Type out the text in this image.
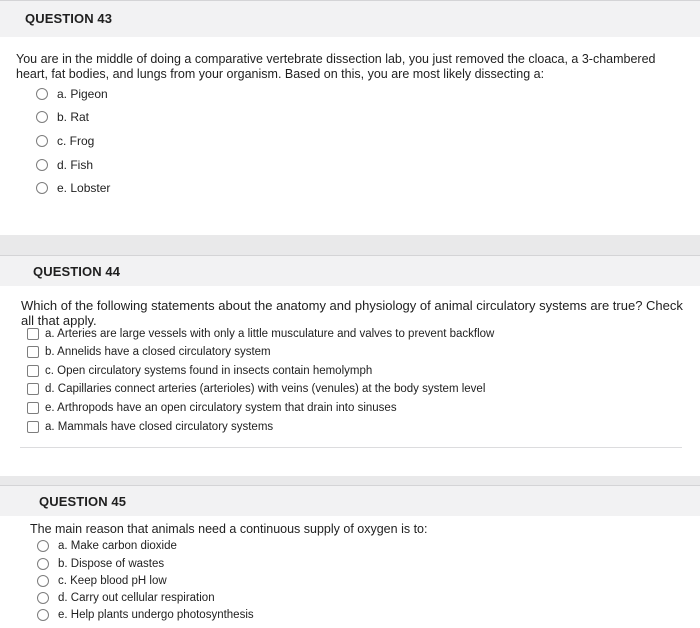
QUESTION 43
You are in the middle of doing a comparative vertebrate dissection lab, you just removed the cloaca, a 3-chambered
heart, fat bodies, and lungs from your organism. Based on this, you are most likely dissecting a:
a. Pigeon
b. Rat
c. Frog
d. Fish
e. Lobster
QUESTION 44
Which of the following statements about the anatomy and physiology of animal circulatory systems are true? Check
all that apply.
a. Arteries are large vessels with only a little musculature and valves to prevent backflow
b. Annelids have a closed circulatory system
c. Open circulatory systems found in insects contain hemolymph
d. Capillaries connect arteries (arterioles) with veins (venules) at the body system level
e. Arthropods have an open circulatory system that drain into sinuses
a. Mammals have closed circulatory systems
QUESTION 45
The main reason that animals need a continuous supply of oxygen is to:
a. Make carbon dioxide
b. Dispose of wastes
c. Keep blood pH low
d. Carry out cellular respiration
e. Help plants undergo photosynthesis
